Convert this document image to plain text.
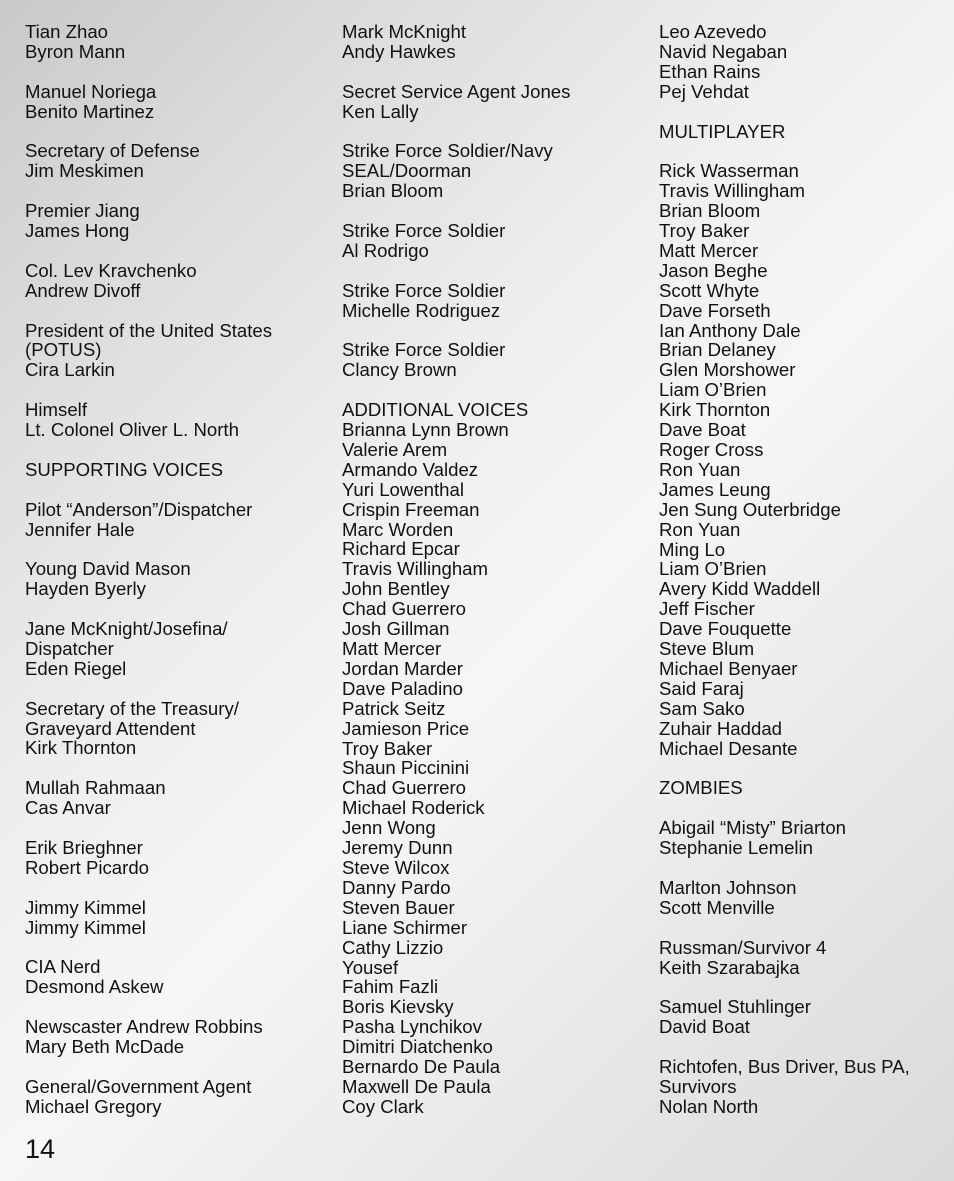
Tian Zhao
Byron Mann
Manuel Noriega
Benito Martinez
Secretary of Defense
Jim Meskimen
Premier Jiang
James Hong
Col. Lev Kravchenko
Andrew Divoff
President of the United States
(POTUS)
Cira Larkin
Himself
Lt. Colonel Oliver L. North
SUPPORTING VOICES
Pilot “Anderson”/Dispatcher
Jennifer Hale
Young David Mason
Hayden Byerly
Jane McKnight/Josefina/
Dispatcher
Eden Riegel
Secretary of the Treasury/
Graveyard Attendent
Kirk Thornton
Mullah Rahmaan
Cas Anvar
Erik Brieghner
Robert Picardo
Jimmy Kimmel
Jimmy Kimmel
CIA Nerd
Desmond Askew
Newscaster Andrew Robbins
Mary Beth McDade
General/Government Agent
Michael Gregory
Mark McKnight
Andy Hawkes
Secret Service Agent Jones
Ken Lally
Strike Force Soldier/Navy
SEAL/Doorman
Brian Bloom
Strike Force Soldier
Al Rodrigo
Strike Force Soldier
Michelle Rodriguez
Strike Force Soldier
Clancy Brown
ADDITIONAL VOICES
Brianna Lynn Brown
Valerie Arem
Armando Valdez
Yuri Lowenthal
Crispin Freeman
Marc Worden
Richard Epcar
Travis Willingham
John Bentley
Chad Guerrero
Josh Gillman
Matt Mercer
Jordan Marder
Dave Paladino
Patrick Seitz
Jamieson Price
Troy Baker
Shaun Piccinini
Chad Guerrero
Michael Roderick
Jenn Wong
Jeremy Dunn
Steve Wilcox
Danny Pardo
Steven Bauer
Liane Schirmer
Cathy Lizzio
Yousef
Fahim Fazli
Boris Kievsky
Pasha Lynchikov
Dimitri Diatchenko
Bernardo De Paula
Maxwell De Paula
Coy Clark
Leo Azevedo
Navid Negaban
Ethan Rains
Pej Vehdat
MULTIPLAYER
Rick Wasserman
Travis Willingham
Brian Bloom
Troy Baker
Matt Mercer
Jason Beghe
Scott Whyte
Dave Forseth
Ian Anthony Dale
Brian Delaney
Glen Morshower
Liam O’Brien
Kirk Thornton
Dave Boat
Roger Cross
Ron Yuan
James Leung
Jen Sung Outerbridge
Ron Yuan
Ming Lo
Liam O’Brien
Avery Kidd Waddell
Jeff Fischer
Dave Fouquette
Steve Blum
Michael Benyaer
Said Faraj
Sam Sako
Zuhair Haddad
Michael Desante
ZOMBIES
Abigail “Misty” Briarton
Stephanie Lemelin
Marlton Johnson
Scott Menville
Russman/Survivor 4
Keith Szarabajka
Samuel Stuhlinger
David Boat
Richtofen, Bus Driver, Bus PA,
Survivors
Nolan North
14
